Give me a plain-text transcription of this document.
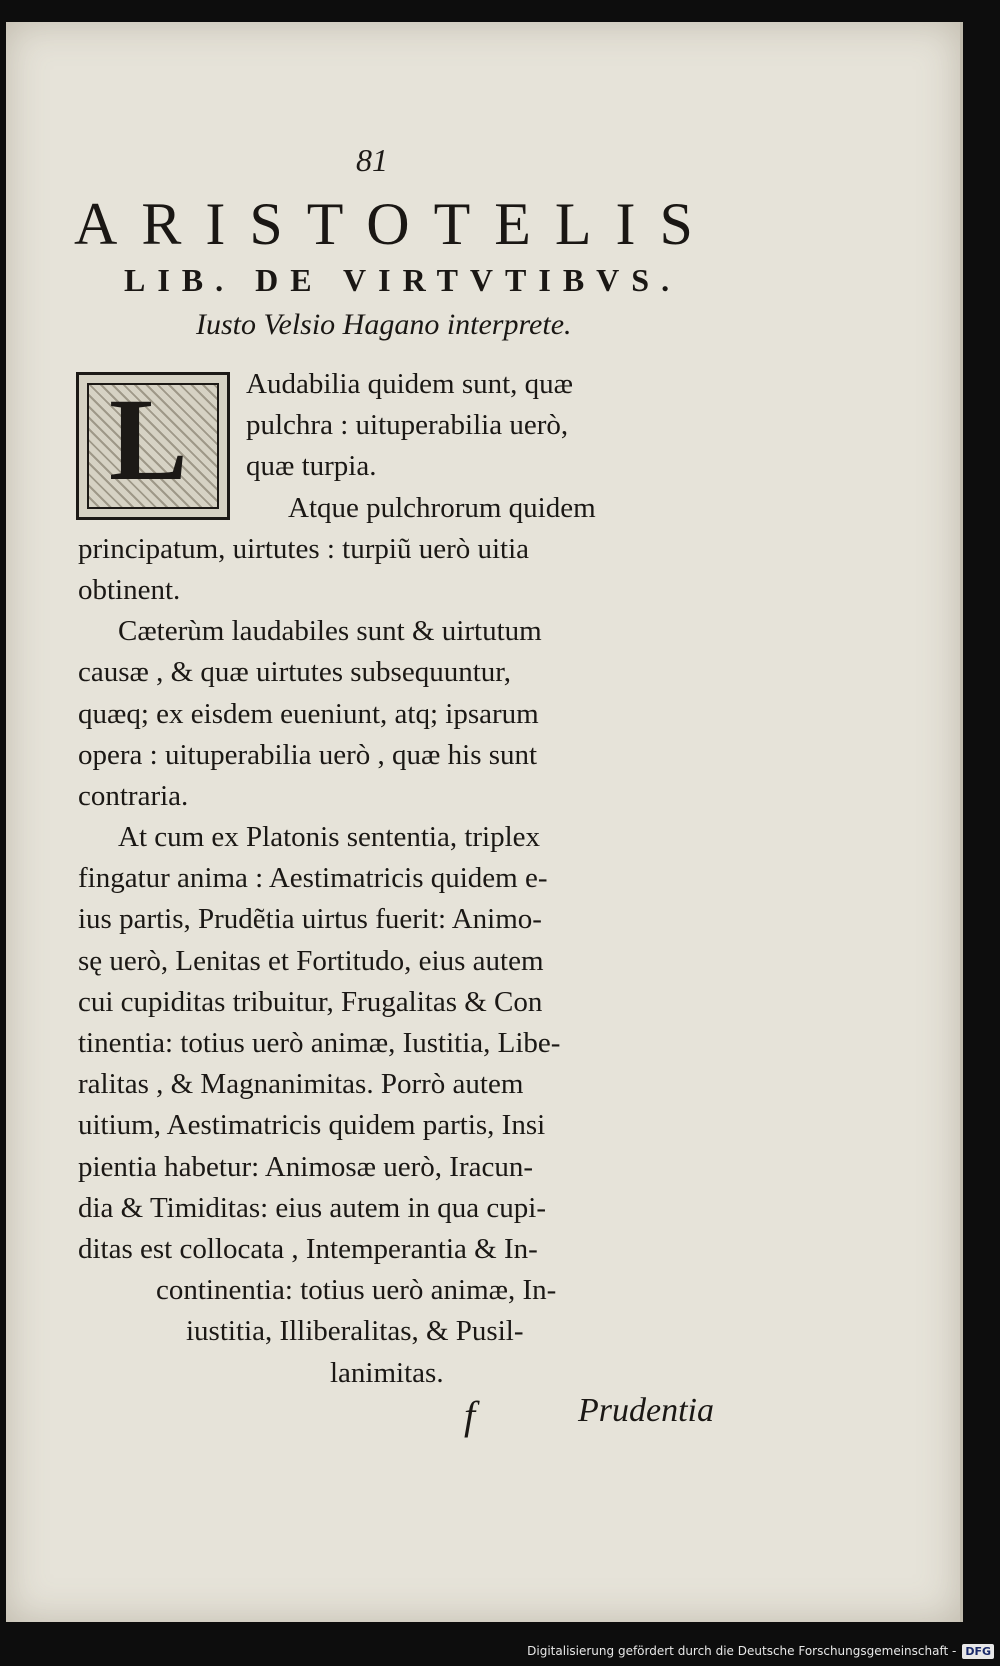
81
ARISTOTELIS
LIB. DE VIRTVTIBVS.
Iusto Velsio Hagano interprete.
L	Audabilia quidem sunt, quæ
pulchra : uituperabilia uerò,
quæ turpia.
Atque pulchrorum quidem
principatum, uirtutes : turpiũ uerò uitia
obtinent.
Cæterùm laudabiles sunt & uirtutum
causæ , & quæ uirtutes subsequuntur,
quæq; ex eisdem eueniunt, atq; ipsarum
opera : uituperabilia uerò , quæ his sunt
contraria.
At cum ex Platonis sententia, triplex
fingatur anima : Aestimatricis quidem e-
ius partis, Prudẽtia uirtus fuerit: Animo-
sę uerò, Lenitas et Fortitudo, eius autem
cui cupiditas tribuitur, Frugalitas & Con
tinentia: totius uerò animæ, Iustitia, Libe-
ralitas , & Magnanimitas. Porrò autem
uitium, Aestimatricis quidem partis, Insi
pientia habetur: Animosæ uerò, Iracun-
dia & Timiditas: eius autem in qua cupi-
ditas est collocata , Intemperantia & In-
continentia: totius uerò animæ, In-
iustitia, Illiberalitas, & Pusil-
lanimitas.
f	Prudentia
Digitalisierung gefördert durch die Deutsche Forschungsgemeinschaft - DFG
